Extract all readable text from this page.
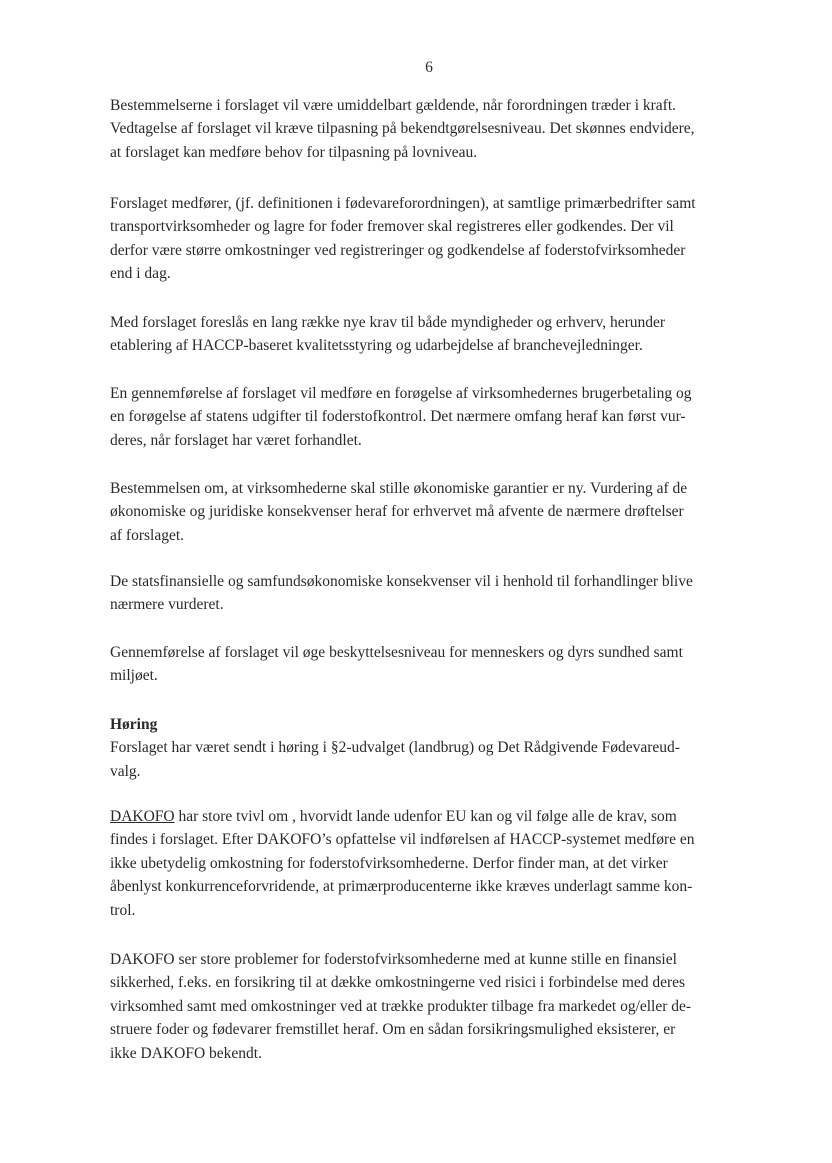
6

Bestemmelserne i forslaget vil være umiddelbart gældende, når forordningen træder i kraft.
Vedtagelse af forslaget vil kræve tilpasning på bekendtgørelsesniveau. Det skønnes endvidere,
at forslaget kan medføre behov for tilpasning på lovniveau.

Forslaget medfører, (jf. definitionen i fødevareforordningen), at samtlige primærbedrifter samt
transportvirksomheder og lagre for foder fremover skal registreres eller godkendes. Der vil
derfor være større omkostninger ved registreringer og godkendelse af foderstofvirksomheder
end i dag.

Med forslaget foreslås en lang række nye krav til både myndigheder og erhverv, herunder
etablering af HACCP-baseret kvalitetsstyring og udarbejdelse af branchevejledninger.

En gennemførelse af forslaget vil medføre en forøgelse af virksomhedernes brugerbetaling og
en forøgelse af statens udgifter til foderstofkontrol. Det nærmere omfang heraf kan først vur-
deres, når forslaget har været forhandlet.

Bestemmelsen om, at virksomhederne skal stille økonomiske garantier er ny. Vurdering af de
økonomiske og juridiske konsekvenser heraf for erhvervet må afvente de nærmere drøftelser
af forslaget.

De statsfinansielle og samfundsøkonomiske konsekvenser vil i henhold til forhandlinger blive
nærmere vurderet.

Gennemførelse af forslaget vil øge beskyttelsesniveau for menneskers og dyrs sundhed samt
miljøet.

Høring
Forslaget har været sendt i høring i §2-udvalget (landbrug) og Det Rådgivende Fødevareud-
valg.

DAKOFO har store tvivl om , hvorvidt lande udenfor EU kan og vil følge alle de krav, som
findes i forslaget. Efter DAKOFO’s opfattelse vil indførelsen af HACCP-systemet medføre en
ikke ubetydelig omkostning for foderstofvirksomhederne. Derfor finder man, at det virker
åbenlyst konkurrenceforvridende, at primærproducenterne ikke kræves underlagt samme kon-
trol.

DAKOFO ser store problemer for foderstofvirksomhederne med at kunne stille en finansiel
sikkerhed, f.eks. en forsikring til at dække omkostningerne ved risici i forbindelse med deres
virksomhed samt med omkostninger ved at trække produkter tilbage fra markedet og/eller de-
struere foder og fødevarer fremstillet heraf. Om en sådan forsikringsmulighed eksisterer, er
ikke DAKOFO bekendt.
